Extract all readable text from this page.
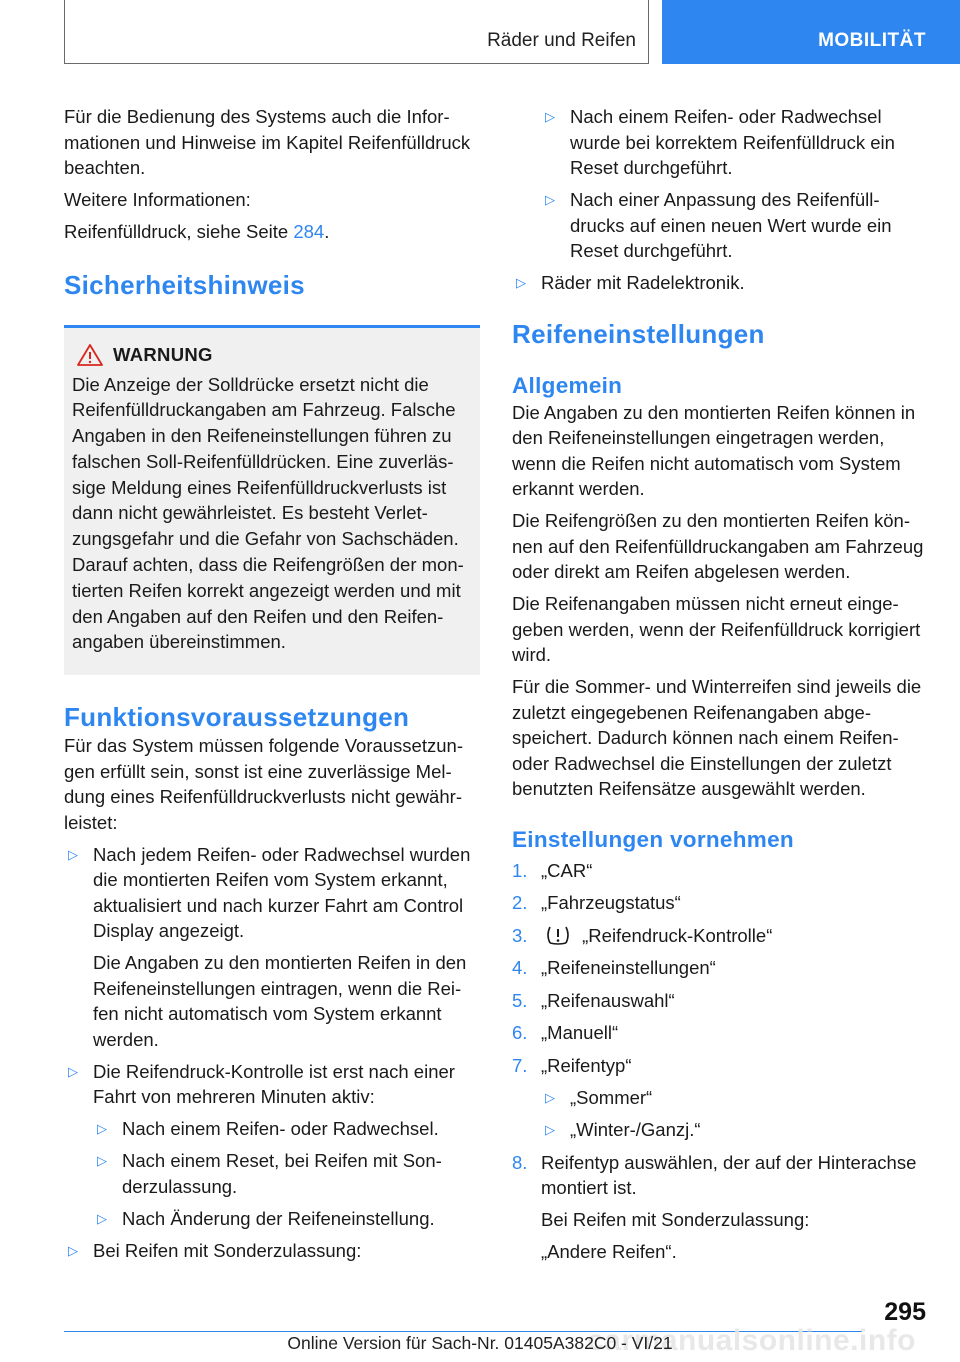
Räder und Reifen	MOBILITÄT

Für die Bedienung des Systems auch die Informationen und Hinweise im Kapitel Reifenfülldruck beachten.

Weitere Informationen:

Reifenfülldruck, siehe Seite 284.

Sicherheitshinweis
WARNUNG
Die Anzeige der Solldrücke ersetzt nicht die Reifenfülldruckangaben am Fahrzeug. Falsche Angaben in den Reifeneinstellungen führen zu falschen Soll-Reifenfülldrücken. Eine zuverlässige Meldung eines Reifenfülldruckverlusts ist dann nicht gewährleistet. Es besteht Verletzungsgefahr und die Gefahr von Sachschäden. Darauf achten, dass die Reifengrößen der montierten Reifen korrekt angezeigt werden und mit den Angaben auf den Reifen und den Reifenangaben übereinstimmen.
Funktionsvoraussetzungen

Für das System müssen folgende Voraussetzungen erfüllt sein, sonst ist eine zuverlässige Meldung eines Reifenfülldruckverlusts nicht gewährleistet:

▷ Nach jedem Reifen- oder Radwechsel wurden die montierten Reifen vom System erkannt, aktualisiert und nach kurzer Fahrt am Control Display angezeigt.
Die Angaben zu den montierten Reifen in den Reifeneinstellungen eintragen, wenn die Reifen nicht automatisch vom System erkannt werden.
▷ Die Reifendruck-Kontrolle ist erst nach einer Fahrt von mehreren Minuten aktiv:
▷ Nach einem Reifen- oder Radwechsel.
▷ Nach einem Reset, bei Reifen mit Sonderzulassung.
▷ Nach Änderung der Reifeneinstellung.
▷ Bei Reifen mit Sonderzulassung:
▷ Nach einem Reifen- oder Radwechsel wurde bei korrektem Reifenfülldruck ein Reset durchgeführt.
▷ Nach einer Anpassung des Reifenfülldrucks auf einen neuen Wert wurde ein Reset durchgeführt.
▷ Räder mit Radelektronik.
Reifeneinstellungen
Allgemein

Die Angaben zu den montierten Reifen können in den Reifeneinstellungen eingetragen werden, wenn die Reifen nicht automatisch vom System erkannt werden.

Die Reifengrößen zu den montierten Reifen können auf den Reifenfülldruckangaben am Fahrzeug oder direkt am Reifen abgelesen werden.

Die Reifenangaben müssen nicht erneut eingegeben werden, wenn der Reifenfülldruck korrigiert wird.

Für die Sommer- und Winterreifen sind jeweils die zuletzt eingegebenen Reifenangaben abgespeichert. Dadurch können nach einem Reifen- oder Radwechsel die Einstellungen der zuletzt benutzten Reifensätze ausgewählt werden.

Einstellungen vornehmen
1. „CAR“
2. „Fahrzeugstatus“
3.	„Reifendruck-Kontrolle“
4. „Reifeneinstellungen“
5. „Reifenauswahl“
6. „Manuell“
7. „Reifentyp“
▷ „Sommer“
▷ „Winter-/Ganzj.“
8. Reifentyp auswählen, der auf der Hinterachse montiert ist.
Bei Reifen mit Sonderzulassung:
„Andere Reifen“.
295
carmanualsonline.info
Online Version für Sach-Nr. 01405A382C0 - VI/21
